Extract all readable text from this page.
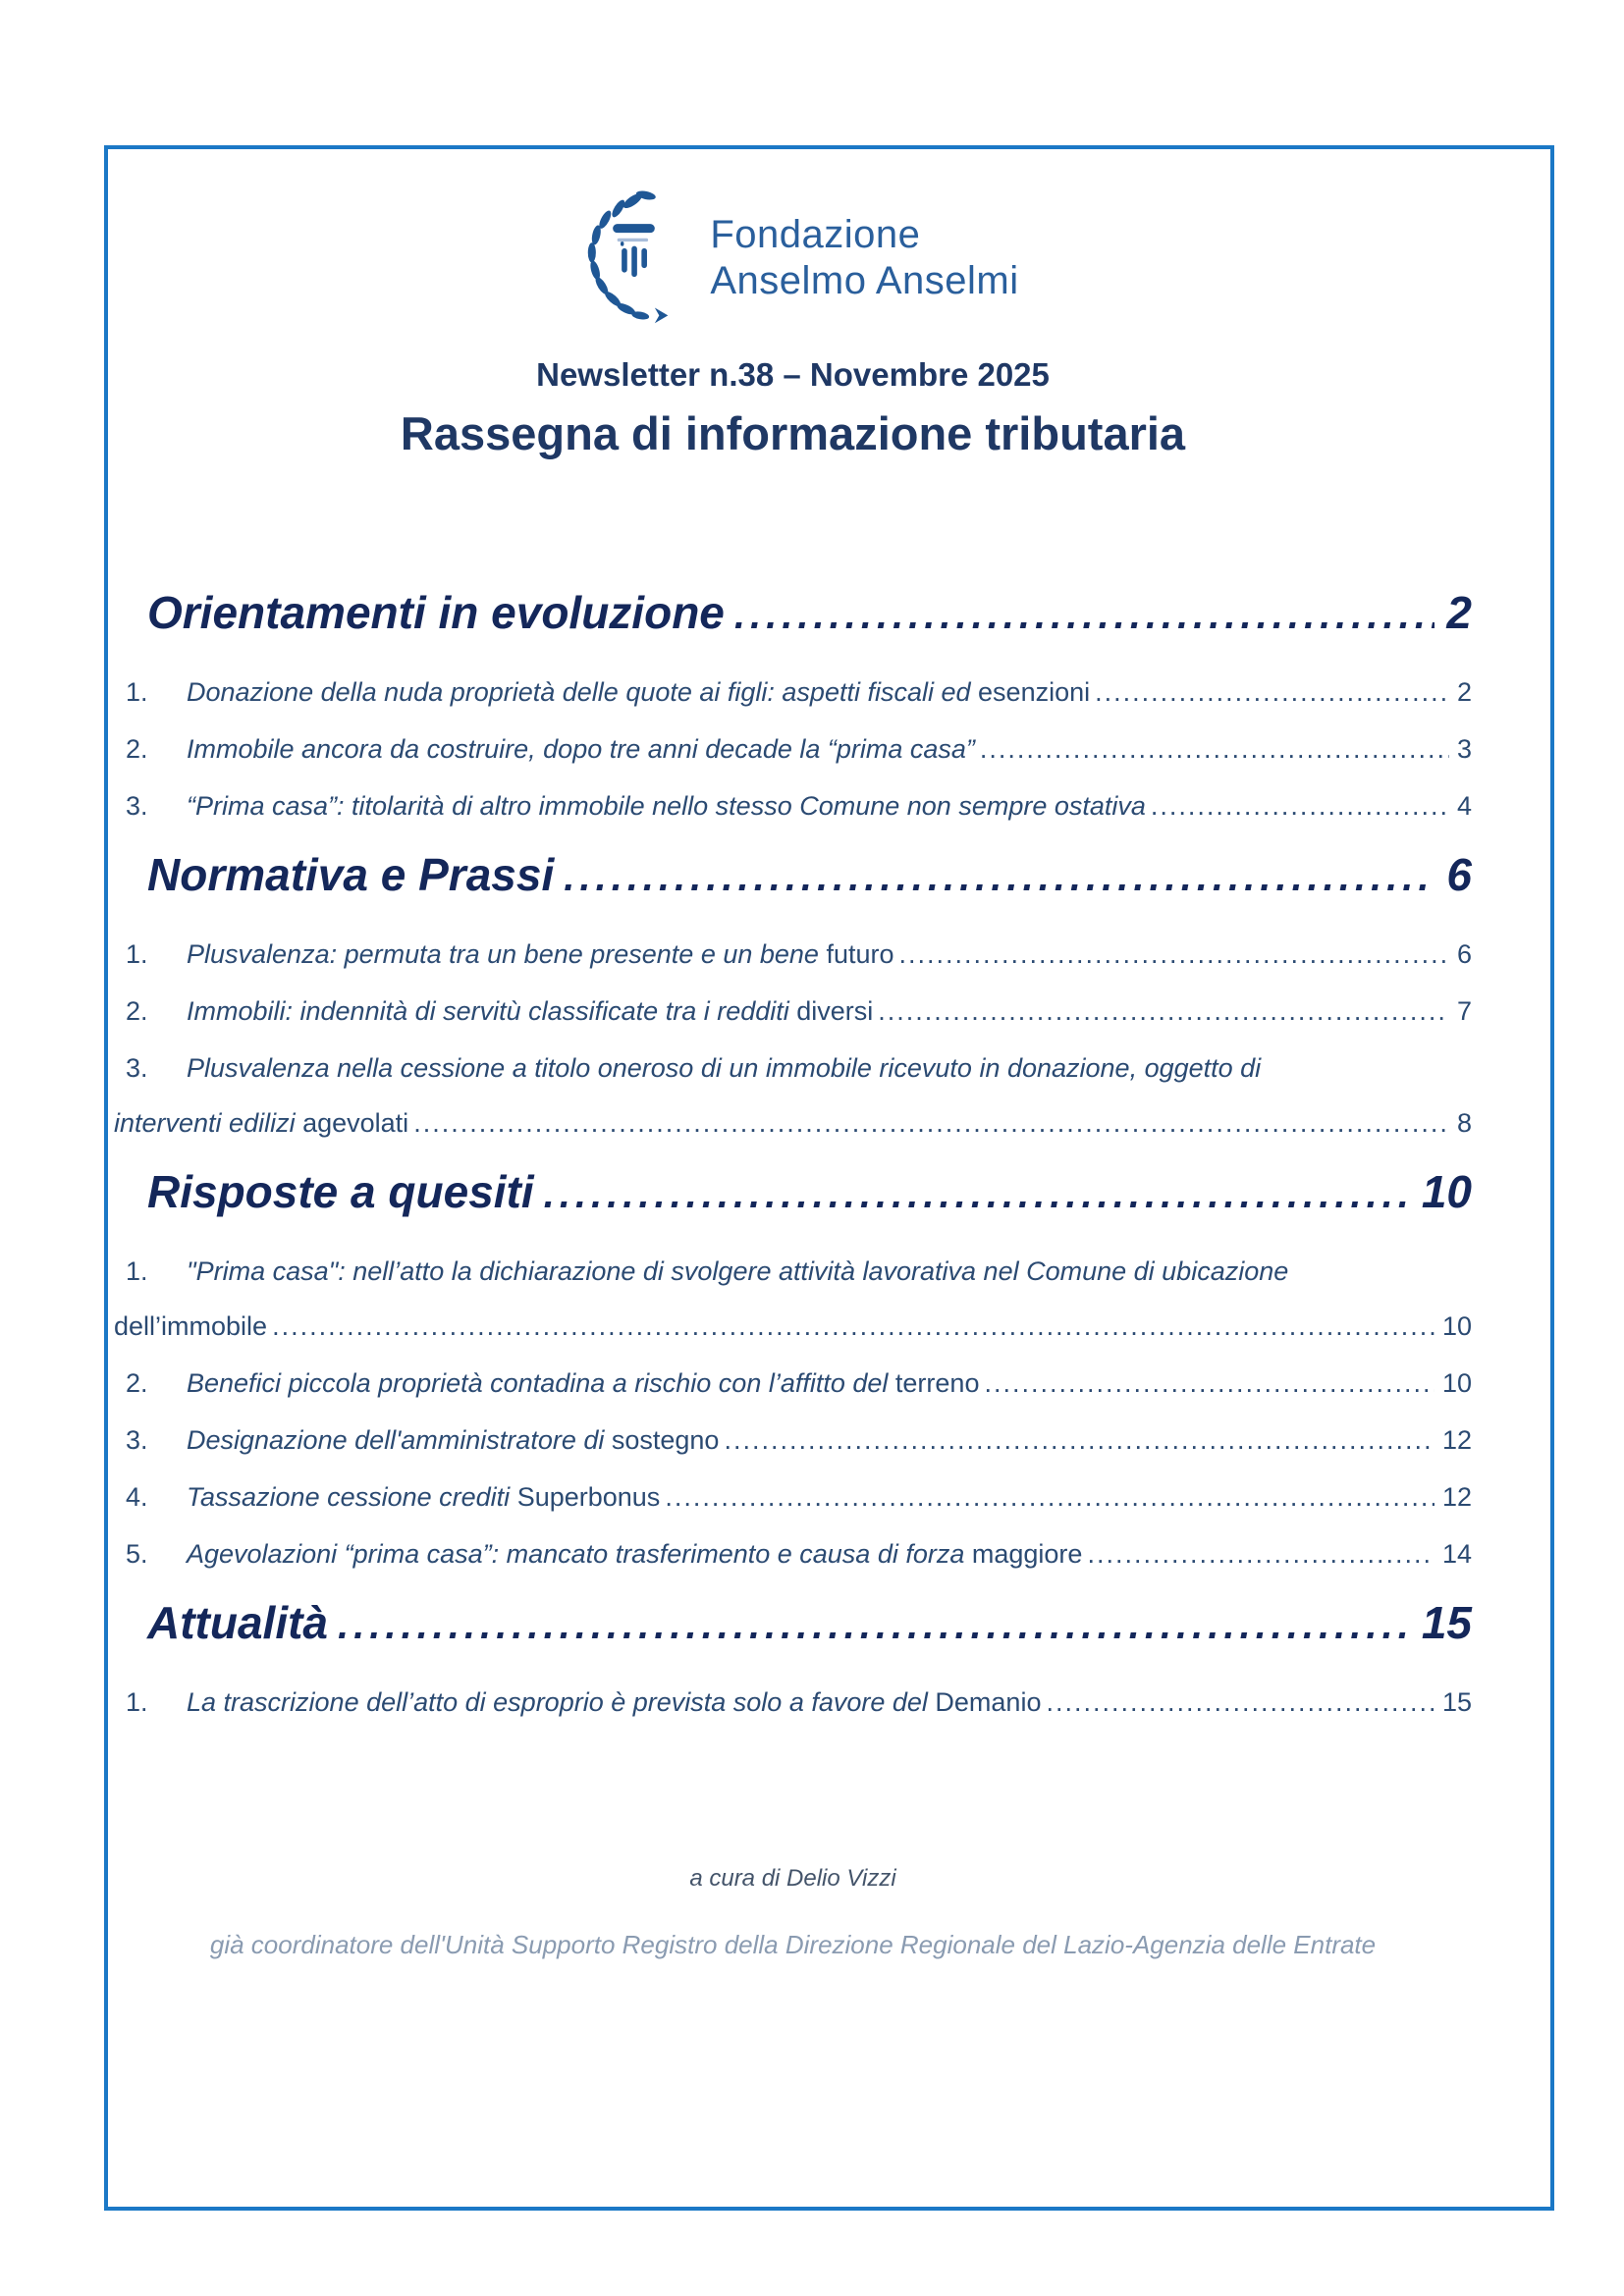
Fondazione
Anselmo Anselmi
Newsletter n.38 – Novembre 2025
Rassegna di informazione tributaria
Orientamenti in evoluzione .....	2
1.	Donazione della nuda proprietà delle quote ai figli: aspetti fiscali ed esenzioni .....	2
2.	Immobile ancora da costruire, dopo tre anni decade la “prima casa” .....	3
3.	“Prima casa”: titolarità di altro immobile nello stesso Comune non sempre ostativa .....	4
Normativa e Prassi .....	6
1.	Plusvalenza: permuta tra un bene presente e un bene futuro .....	6
2.	Immobili: indennità di servitù classificate tra i redditi diversi .....	7
3.	Plusvalenza nella cessione a titolo oneroso di un immobile ricevuto in donazione, oggetto di
interventi edilizi agevolati .....	8
Risposte a quesiti .....	10
1.	"Prima casa": nell’atto la dichiarazione di svolgere attività lavorativa nel Comune di ubicazione
dell’immobile .....	10
2.	Benefici piccola proprietà contadina a rischio con l’affitto del terreno .....	10
3.	Designazione dell'amministratore di sostegno .....	12
4.	Tassazione cessione crediti Superbonus .....	12
5.	Agevolazioni “prima casa”: mancato trasferimento e causa di forza maggiore .....	14
Attualità .....	15
1.	La trascrizione dell’atto di esproprio è prevista solo a favore del Demanio .....	15
a cura di Delio Vizzi
già coordinatore dell'Unità Supporto Registro della Direzione Regionale del Lazio-Agenzia delle Entrate
